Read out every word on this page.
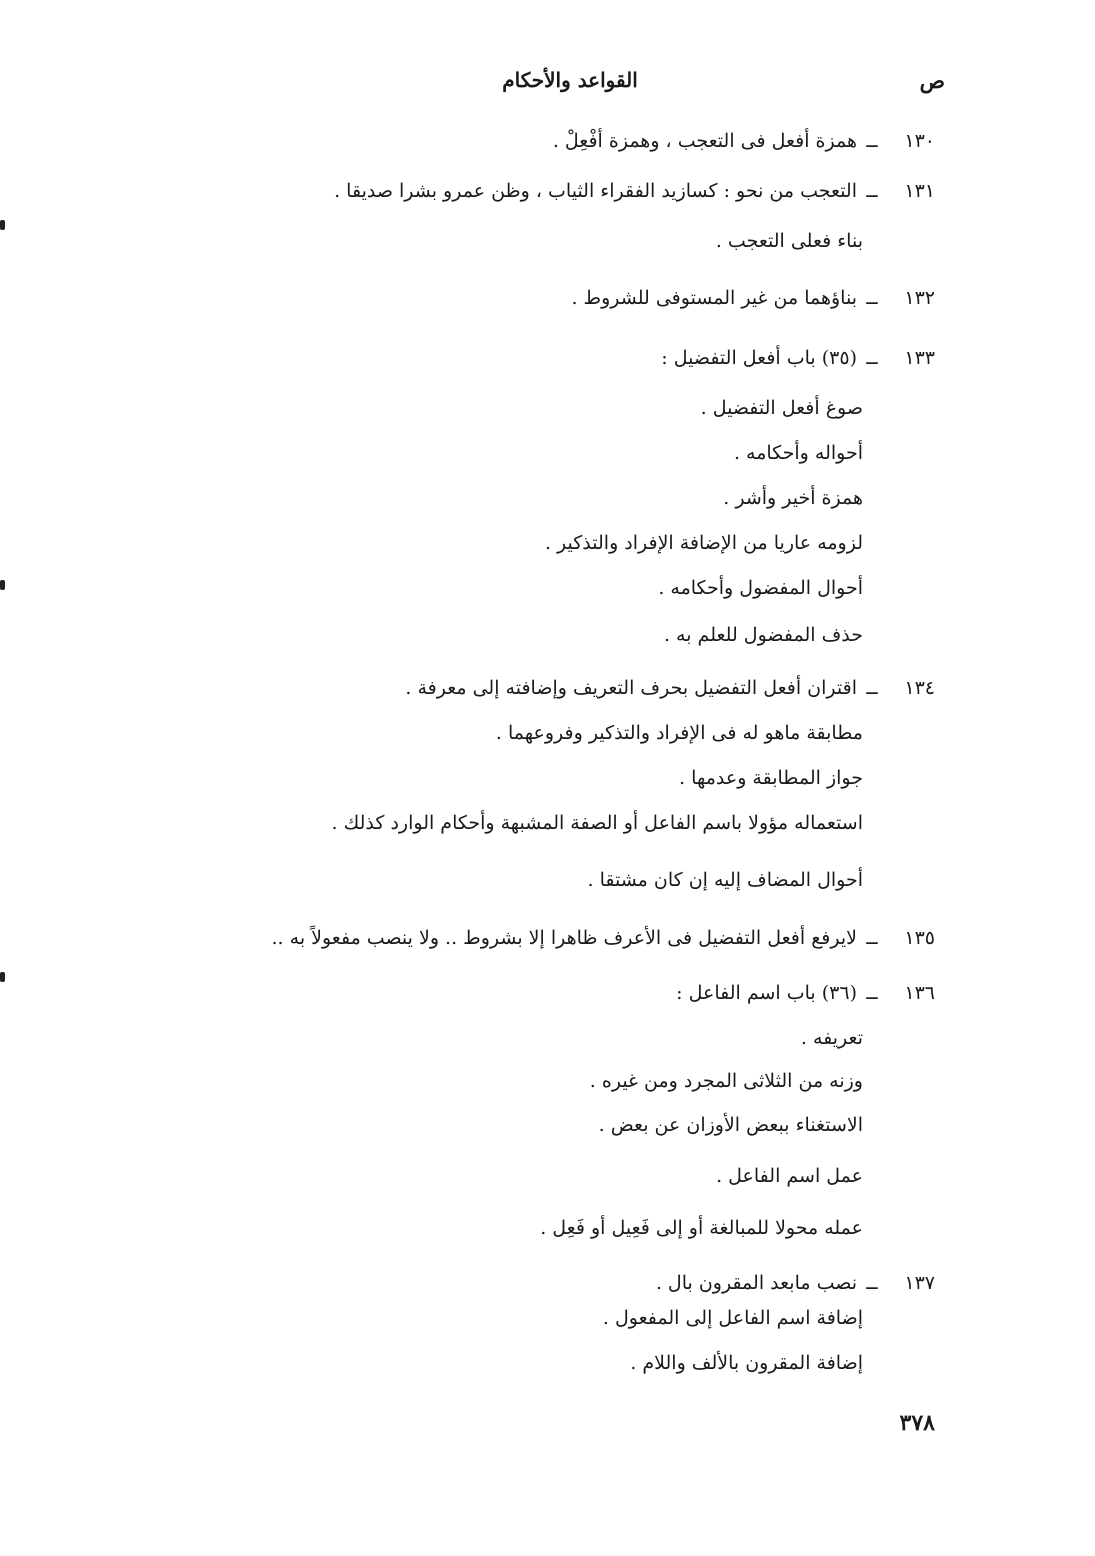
ص
القواعد والأحكام
١٣٠ــهمزة أفعل فى التعجب ، وهمزة أفْعِلْ .
١٣١ــالتعجب من نحو : كسازيد الفقراء الثياب ، وظن عمرو بشرا صديقا .
بناء فعلى التعجب .
١٣٢ــبناؤهما من غير المستوفى للشروط .
١٣٣ــ(٣٥) باب أفعل التفضيل :
صوغ أفعل التفضيل .
أحواله وأحكامه .
همزة أخير وأشر .
لزومه عاريا من الإضافة الإفراد والتذكير .
أحوال المفضول وأحكامه .
حذف المفضول للعلم به .
١٣٤ــاقتران أفعل التفضيل بحرف التعريف وإضافته إلى معرفة .
مطابقة ماهو له فى الإفراد والتذكير وفروعهما .
جواز المطابقة وعدمها .
استعماله مؤولا باسم الفاعل أو الصفة المشبهة وأحكام الوارد كذلك .
أحوال المضاف إليه إن كان مشتقا .
١٣٥ــلايرفع أفعل التفضيل فى الأعرف ظاهرا إلا بشروط .. ولا ينصب مفعولاً به ..
١٣٦ــ(٣٦) باب اسم الفاعل :
تعريفه .
وزنه من الثلاثى المجرد ومن غيره .
الاستغناء ببعض الأوزان عن بعض .
عمل اسم الفاعل .
عمله محولا للمبالغة أو إلى فَعِيل أو فَعِل .
١٣٧ــنصب مابعد المقرون بال .
إضافة اسم الفاعل إلى المفعول .
إضافة المقرون بالألف واللام .
٣٧٨
